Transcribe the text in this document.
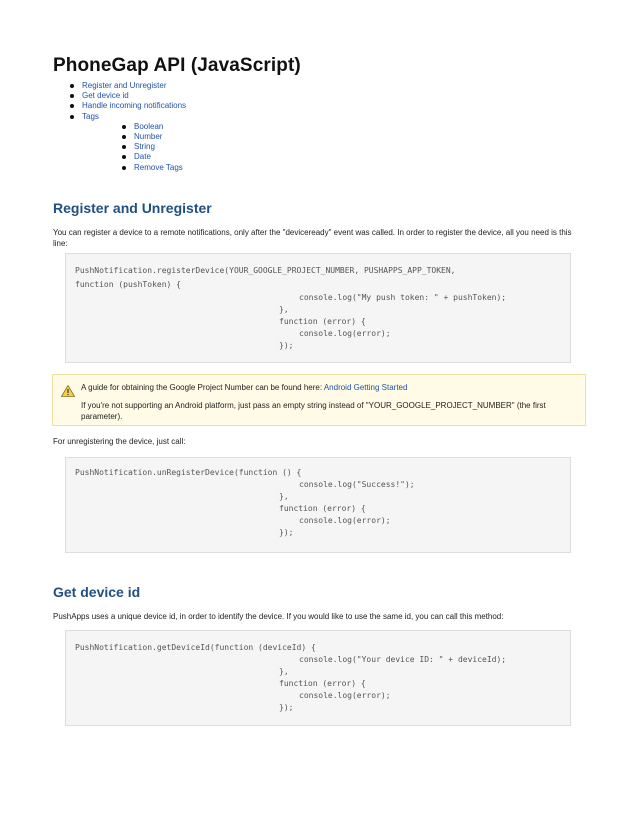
PhoneGap API (JavaScript)
Register and Unregister
Get device id
Handle incoming notifications
Tags
Boolean
Number
String
Date
Remove Tags
Register and Unregister

You can register a device to a remote notifications, only after the "deviceready" event was called. In order to register the device, all you need is this line:

PushNotification.registerDevice(YOUR_GOOGLE_PROJECT_NUMBER, PUSHAPPS_APP_TOKEN,
function (pushToken) {
console.log("My push token: " + pushToken);
},
function (error) {
console.log(error);
});
A guide for obtaining the Google Project Number can be found here: Android Getting Started
If you're not supporting an Android platform, just pass an empty string instead of "YOUR_GOOGLE_PROJECT_NUMBER" (the first parameter).

For unregistering the device, just call:

PushNotification.unRegisterDevice(function () {
console.log("Success!");
},
function (error) {
console.log(error);
});
Get device id

PushApps uses a unique device id, in order to identify the device. If you would like to use the same id, you can call this method:

PushNotification.getDeviceId(function (deviceId) {
console.log("Your device ID: " + deviceId);
},
function (error) {
console.log(error);
});
